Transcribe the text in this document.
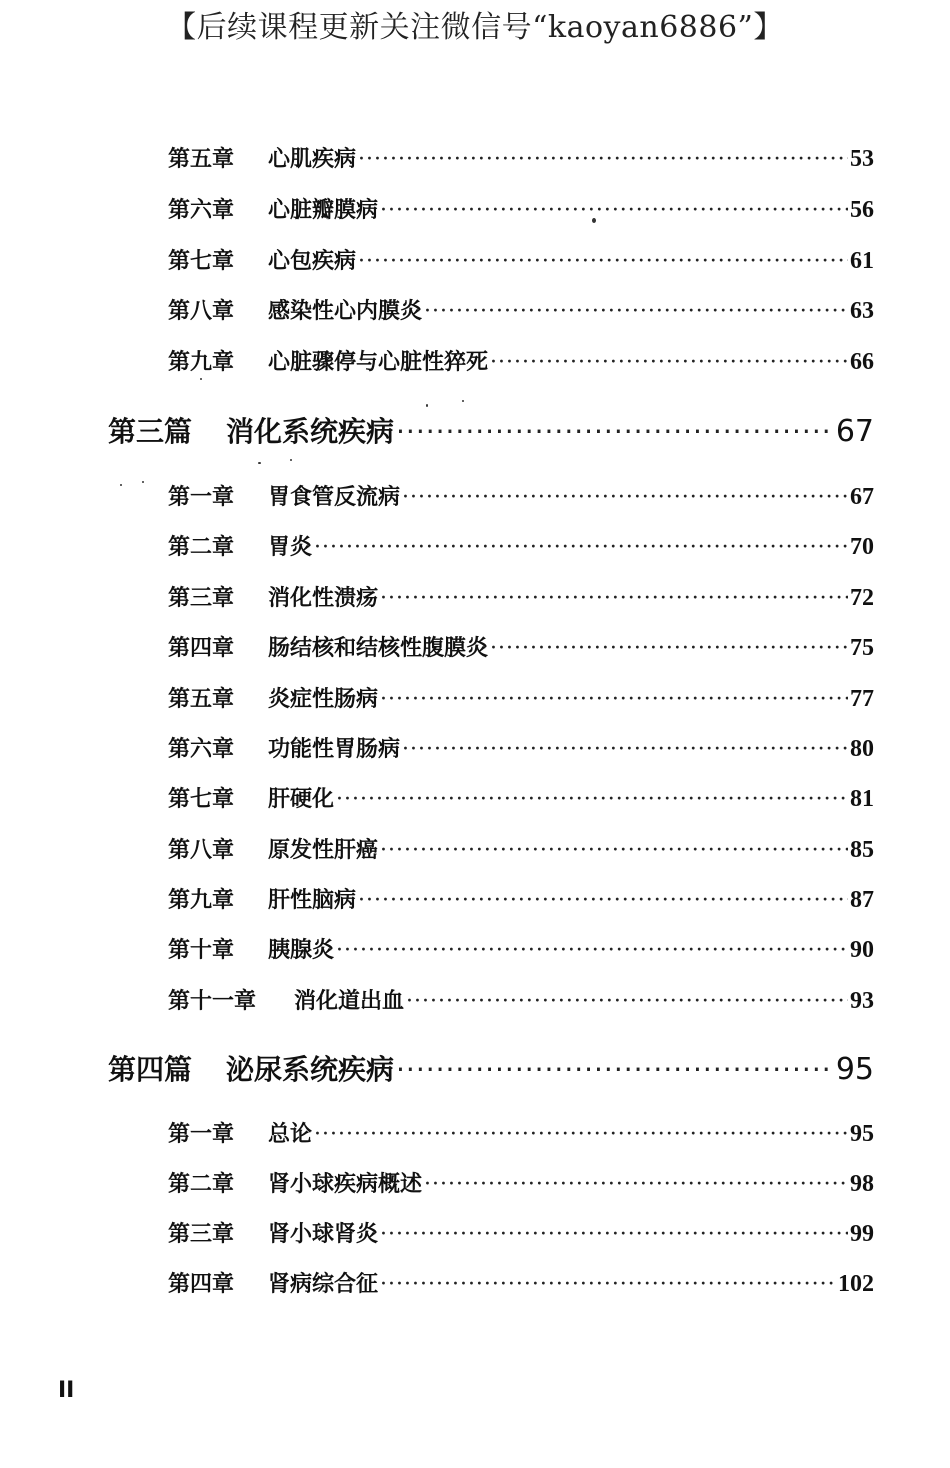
【后续课程更新关注微信号“kaoyan6886”】
第五章	心肌疾病 ·····	53
第六章	心脏瓣膜病 ·····	56
第七章	心包疾病 ·····	61
第八章	感染性心内膜炎 ·····	63
第九章	心脏骤停与心脏性猝死 ·····	66
第三篇	消化系统疾病 ·····	67
第一章	胃食管反流病 ·····	67
第二章	胃炎 ·····	70
第三章	消化性溃疡 ·····	72
第四章	肠结核和结核性腹膜炎 ·····	75
第五章	炎症性肠病 ·····	77
第六章	功能性胃肠病 ·····	80
第七章	肝硬化 ·····	81
第八章	原发性肝癌 ·····	85
第九章	肝性脑病 ·····	87
第十章	胰腺炎 ·····	90
第十一章	消化道出血 ·····	93
第四篇	泌尿系统疾病 ·····	95
第一章	总论 ·····	95
第二章	肾小球疾病概述 ·····	98
第三章	肾小球肾炎 ·····	99
第四章	肾病综合征 ·····	102
II
